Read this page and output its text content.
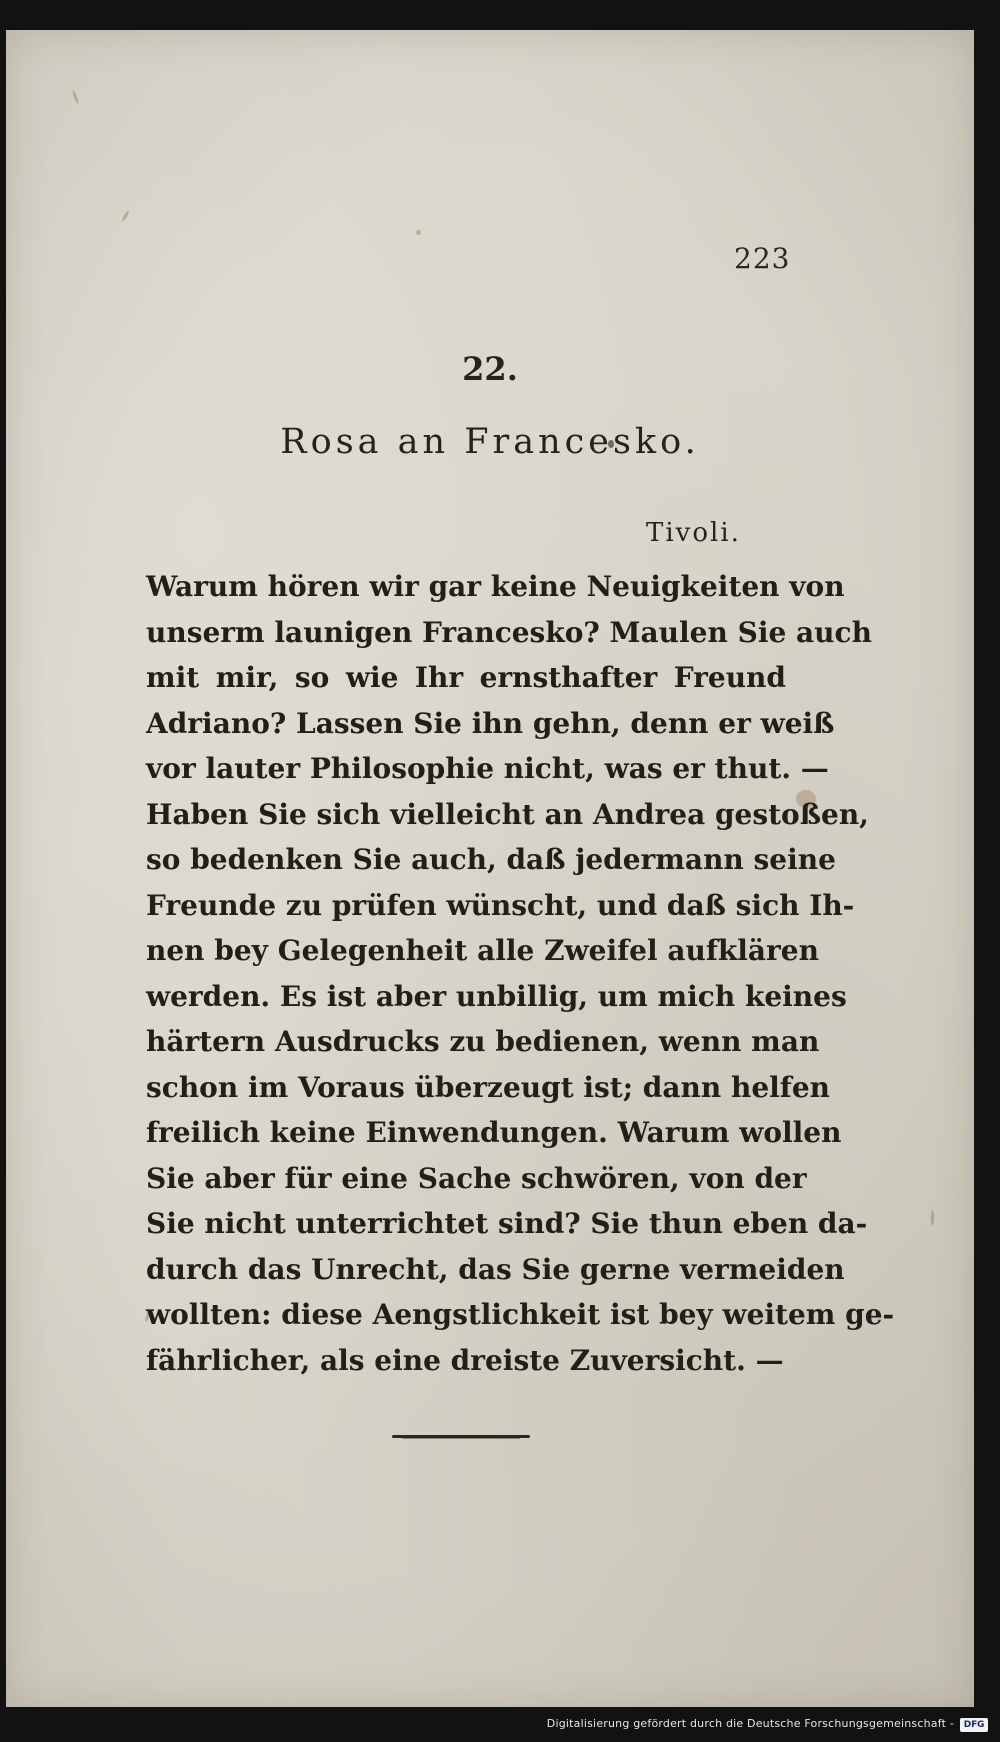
223
22.
Rosa an Francesko.
Tivoli.
Warum hören wir gar keine Neuigkeiten von
unserm launigen Francesko? Maulen Sie auch
mit mir, so wie Ihr ernsthafter Freund
Adriano? Lassen Sie ihn gehn, denn er weiß
vor lauter Philosophie nicht, was er thut. —
Haben Sie sich vielleicht an Andrea gestoßen,
so bedenken Sie auch, daß jedermann seine
Freunde zu prüfen wünscht, und daß sich Ih-
nen bey Gelegenheit alle Zweifel aufklären
werden. Es ist aber unbillig, um mich keines
härtern Ausdrucks zu bedienen, wenn man
schon im Voraus überzeugt ist; dann helfen
freilich keine Einwendungen. Warum wollen
Sie aber für eine Sache schwören, von der
Sie nicht unterrichtet sind? Sie thun eben da-
durch das Unrecht, das Sie gerne vermeiden
wollten: diese Aengstlichkeit ist bey weitem ge-
fährlicher, als eine dreiste Zuversicht. —
Digitalisierung gefördert durch die Deutsche Forschungsgemeinschaft -	DFG
